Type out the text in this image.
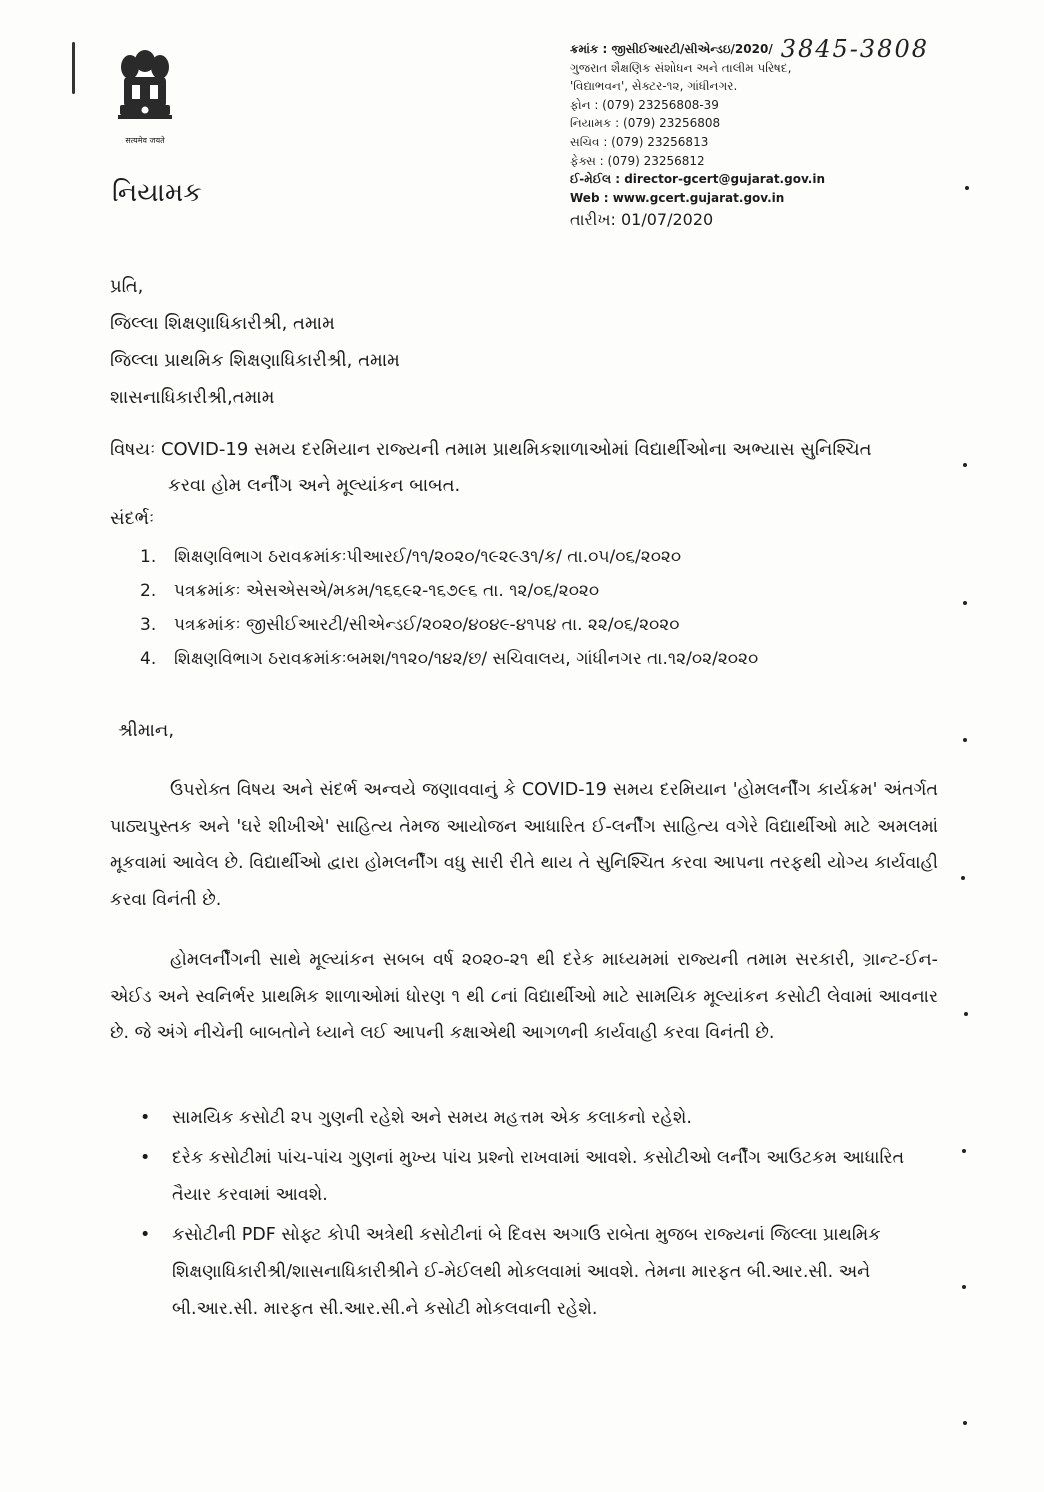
सत्यमेव जयते
નિયામક
ક્રમાંક : જીસીઈઆરટી/સીએન્ડઇ/2020/ 3845-3808
ગુજરાત શૈક્ષણિક સંશોધન અને તાલીમ પરિષદ,
'વિદ્યાભવન', સેક્ટર-૧૨, ગાંધીનગર.
ફોન : (079) 23256808-39
નિયામક : (079) 23256808
સચિવ : (079) 23256813
ફેક્સ : (079) 23256812
ઈ-મેઈલ : director-gcert@gujarat.gov.in
Web : www.gcert.gujarat.gov.in
તારીખ: 01/07/2020
પ્રતિ,
જિલ્લા શિક્ષણાધિકારીશ્રી, તમામ
જિલ્લા પ્રાથમિક શિક્ષણાધિકારીશ્રી, તમામ
શાસનાધિકારીશ્રી,તમામ
વિષયઃ COVID-19 સમય દરમિયાન રાજ્યની તમામ પ્રાથમિકશાળાઓમાં વિદ્યાર્થીઓના અભ્યાસ સુનિશ્ચિત
કરવા હોમ લર્નીંગ અને મૂલ્યાંકન બાબત.
સંદર્ભઃ
1.	શિક્ષણવિભાગ ઠરાવક્રમાંકઃપીઆરઈ/૧૧/૨૦૨૦/૧૯૨૯૩૧/ક/ તા.૦૫/૦૬/૨૦૨૦
2.	પત્રક્રમાંકઃ એસએસએ/મકમ/૧૬૬૯૨-૧૬૭૯૬ તા. ૧૨/૦૬/૨૦૨૦
3.	પત્રક્રમાંકઃ જીસીઈઆરટી/સીએન્ડઈ/૨૦૨૦/૪૦૪૯-૪૧૫૪ તા. ૨૨/૦૬/૨૦૨૦
4.	શિક્ષણવિભાગ ઠરાવક્રમાંકઃબમશ/૧૧૨૦/૧૪૨/છ/ સચિવાલય, ગાંધીનગર તા.૧૨/૦૨/૨૦૨૦
શ્રીમાન,
ઉપરોક્ત વિષય અને સંદર્ભ અન્વયે જણાવવાનું કે COVID-19 સમય દરમિયાન 'હોમલર્નીંગ કાર્યક્રમ' અંતર્ગત પાઠ્યપુસ્તક અને 'ઘરે શીખીએ' સાહિત્ય તેમજ આયોજન આધારિત ઈ-લર્નીંગ સાહિત્ય વગેરે વિદ્યાર્થીઓ માટે અમલમાં મૂકવામાં આવેલ છે. વિદ્યાર્થીઓ દ્વારા હોમલર્નીંગ વધુ સારી રીતે થાય તે સુનિશ્ચિત કરવા આપના તરફથી યોગ્ય કાર્યવાહી કરવા વિનંતી છે.
હોમલર્નીંગની સાથે મૂલ્યાંકન સબબ વર્ષ ૨૦૨૦-૨૧ થી દરેક માધ્યમમાં રાજ્યની તમામ સરકારી, ગ્રાન્ટ-ઈન-એઈડ અને સ્વનિર્ભર પ્રાથમિક શાળાઓમાં ધોરણ ૧ થી ૮નાં વિદ્યાર્થીઓ માટે સામયિક મૂલ્યાંકન કસોટી લેવામાં આવનાર છે. જે અંગે નીચેની બાબતોને ધ્યાને લઈ આપની કક્ષાએથી આગળની કાર્યવાહી કરવા વિનંતી છે.
•	સામયિક કસોટી ૨૫ ગુણની રહેશે અને સમય મહત્તમ એક કલાકનો રહેશે.
•	દરેક કસોટીમાં પાંચ-પાંચ ગુણનાં મુખ્ય પાંચ પ્રશ્નો રાખવામાં આવશે. કસોટીઓ લર્નીંગ આઉટકમ આધારિત તૈયાર કરવામાં આવશે.
•	કસોટીની PDF સોફ્ટ કોપી અત્રેથી કસોટીનાં બે દિવસ અગાઉ રાબેતા મુજબ રાજ્યનાં જિલ્લા પ્રાથમિક શિક્ષણાધિકારીશ્રી/શાસનાધિકારીશ્રીને ઈ-મેઈલથી મોકલવામાં આવશે. તેમના મારફત બી.આર.સી. અને બી.આર.સી. મારફત સી.આર.સી.ને કસોટી મોકલવાની રહેશે.
